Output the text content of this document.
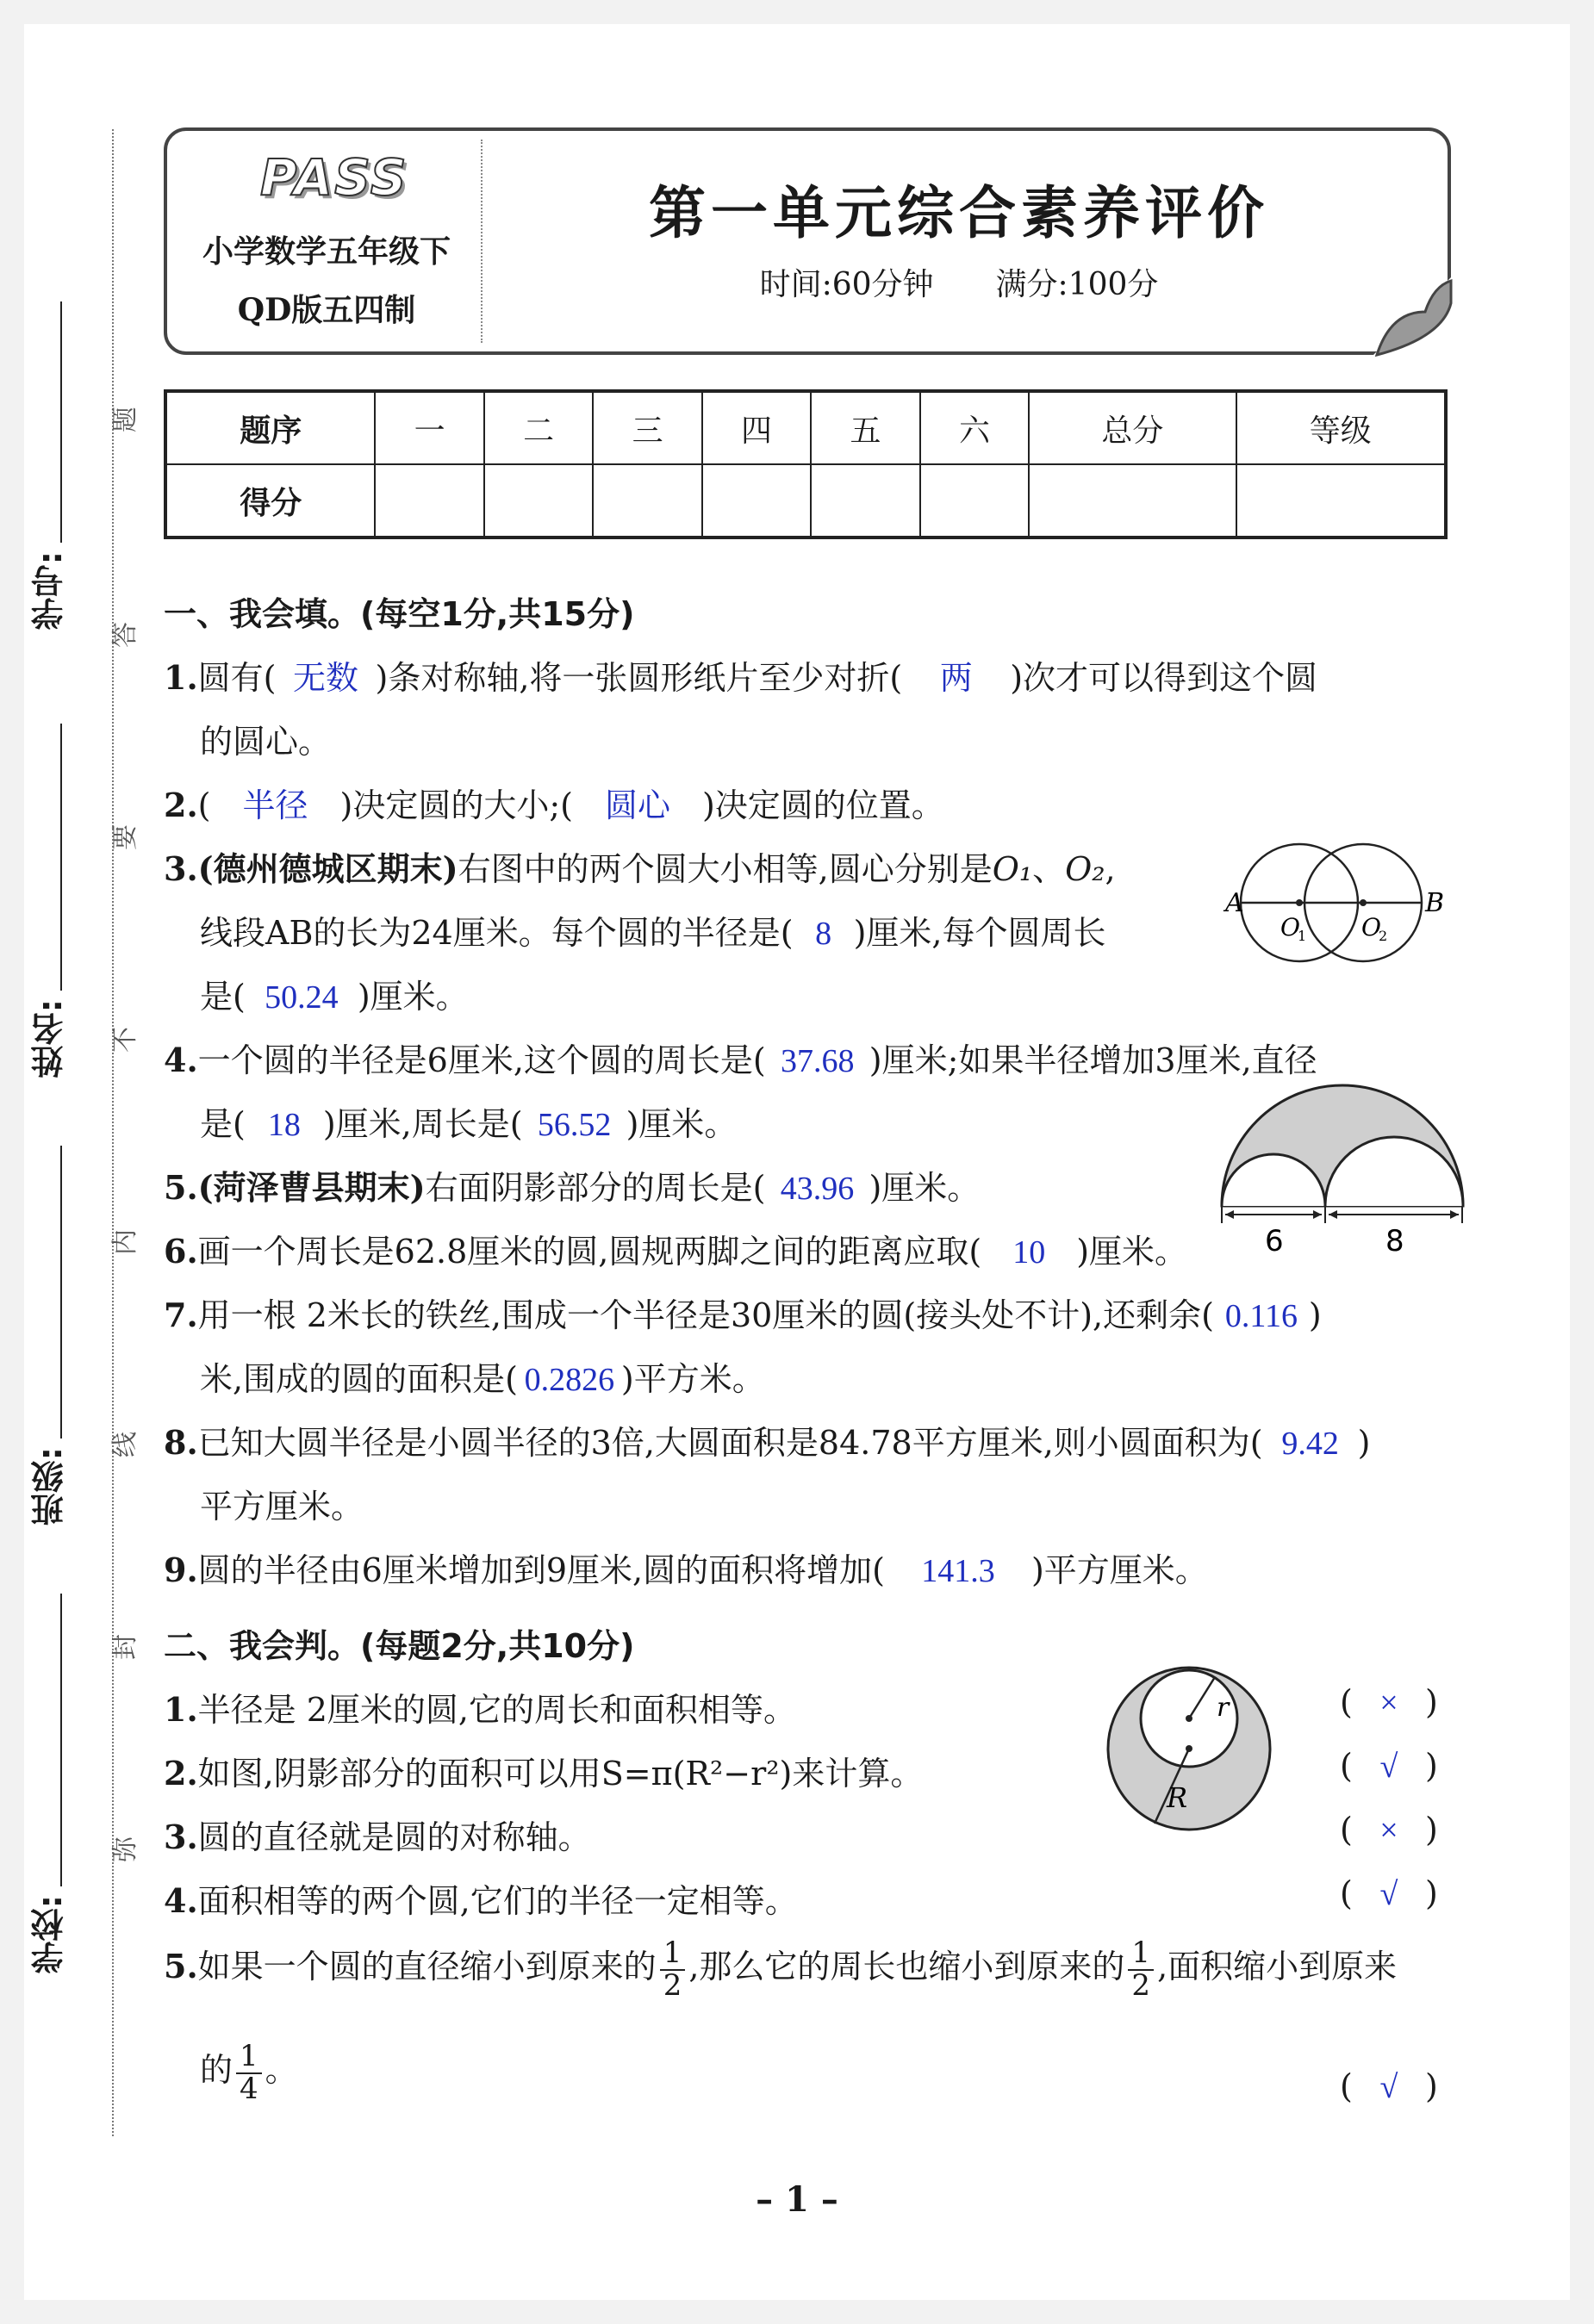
学号:
姓名:
班级:
学校:
题
答
要
不
内
线
封
弥
PASS
小学数学五年级下
QD版五四制
第一单元综合素养评价
时间:60分钟　　满分:100分
题序	一	二	三	四	五	六	总分	等级
得分								
一、我会填。(每空1分,共15分)
1.圆有( 无数 )条对称轴,将一张圆形纸片至少对折( 两 )次才可以得到这个圆
的圆心。
2.( 半径 )决定圆的大小;( 圆心 )决定圆的位置。
3.(德州德城区期末)右图中的两个圆大小相等,圆心分别是O₁、O₂,
线段AB的长为24厘米。每个圆的半径是( 8 )厘米,每个圆周长
是( 50.24 )厘米。
4.一个圆的半径是6厘米,这个圆的周长是( 37.68 )厘米;如果半径增加3厘米,直径
是( 18 )厘米,周长是( 56.52 )厘米。
5.(菏泽曹县期末)右面阴影部分的周长是( 43.96 )厘米。
6.画一个周长是62.8厘米的圆,圆规两脚之间的距离应取( 10 )厘米。
7.用一根 2米长的铁丝,围成一个半径是30厘米的圆(接头处不计),还剩余( 0.116 )
米,围成的圆的面积是( 0.2826 )平方米。
8.已知大圆半径是小圆半径的3倍,大圆面积是84.78平方厘米,则小圆面积为( 9.42 )
平方厘米。
9.圆的半径由6厘米增加到9厘米,圆的面积将增加( 141.3 )平方厘米。
A	B
O
1 O
2
6	8
二、我会判。(每题2分,共10分)
1.半径是 2厘米的圆,它的周长和面积相等。	( × )
2.如图,阴影部分的面积可以用S=π(R²−r²)来计算。	( √ )
3.圆的直径就是圆的对称轴。	( × )
4.面积相等的两个圆,它们的半径一定相等。	( √ )
5.如果一个圆的直径缩小到原来的 $\frac{1}{2}$ ,那么它的周长也缩小到原来的 $\frac{1}{2}$ ,面积缩小到原来
的 $\frac{1}{4}$ 。	( √ )
r
R
– 1 –
